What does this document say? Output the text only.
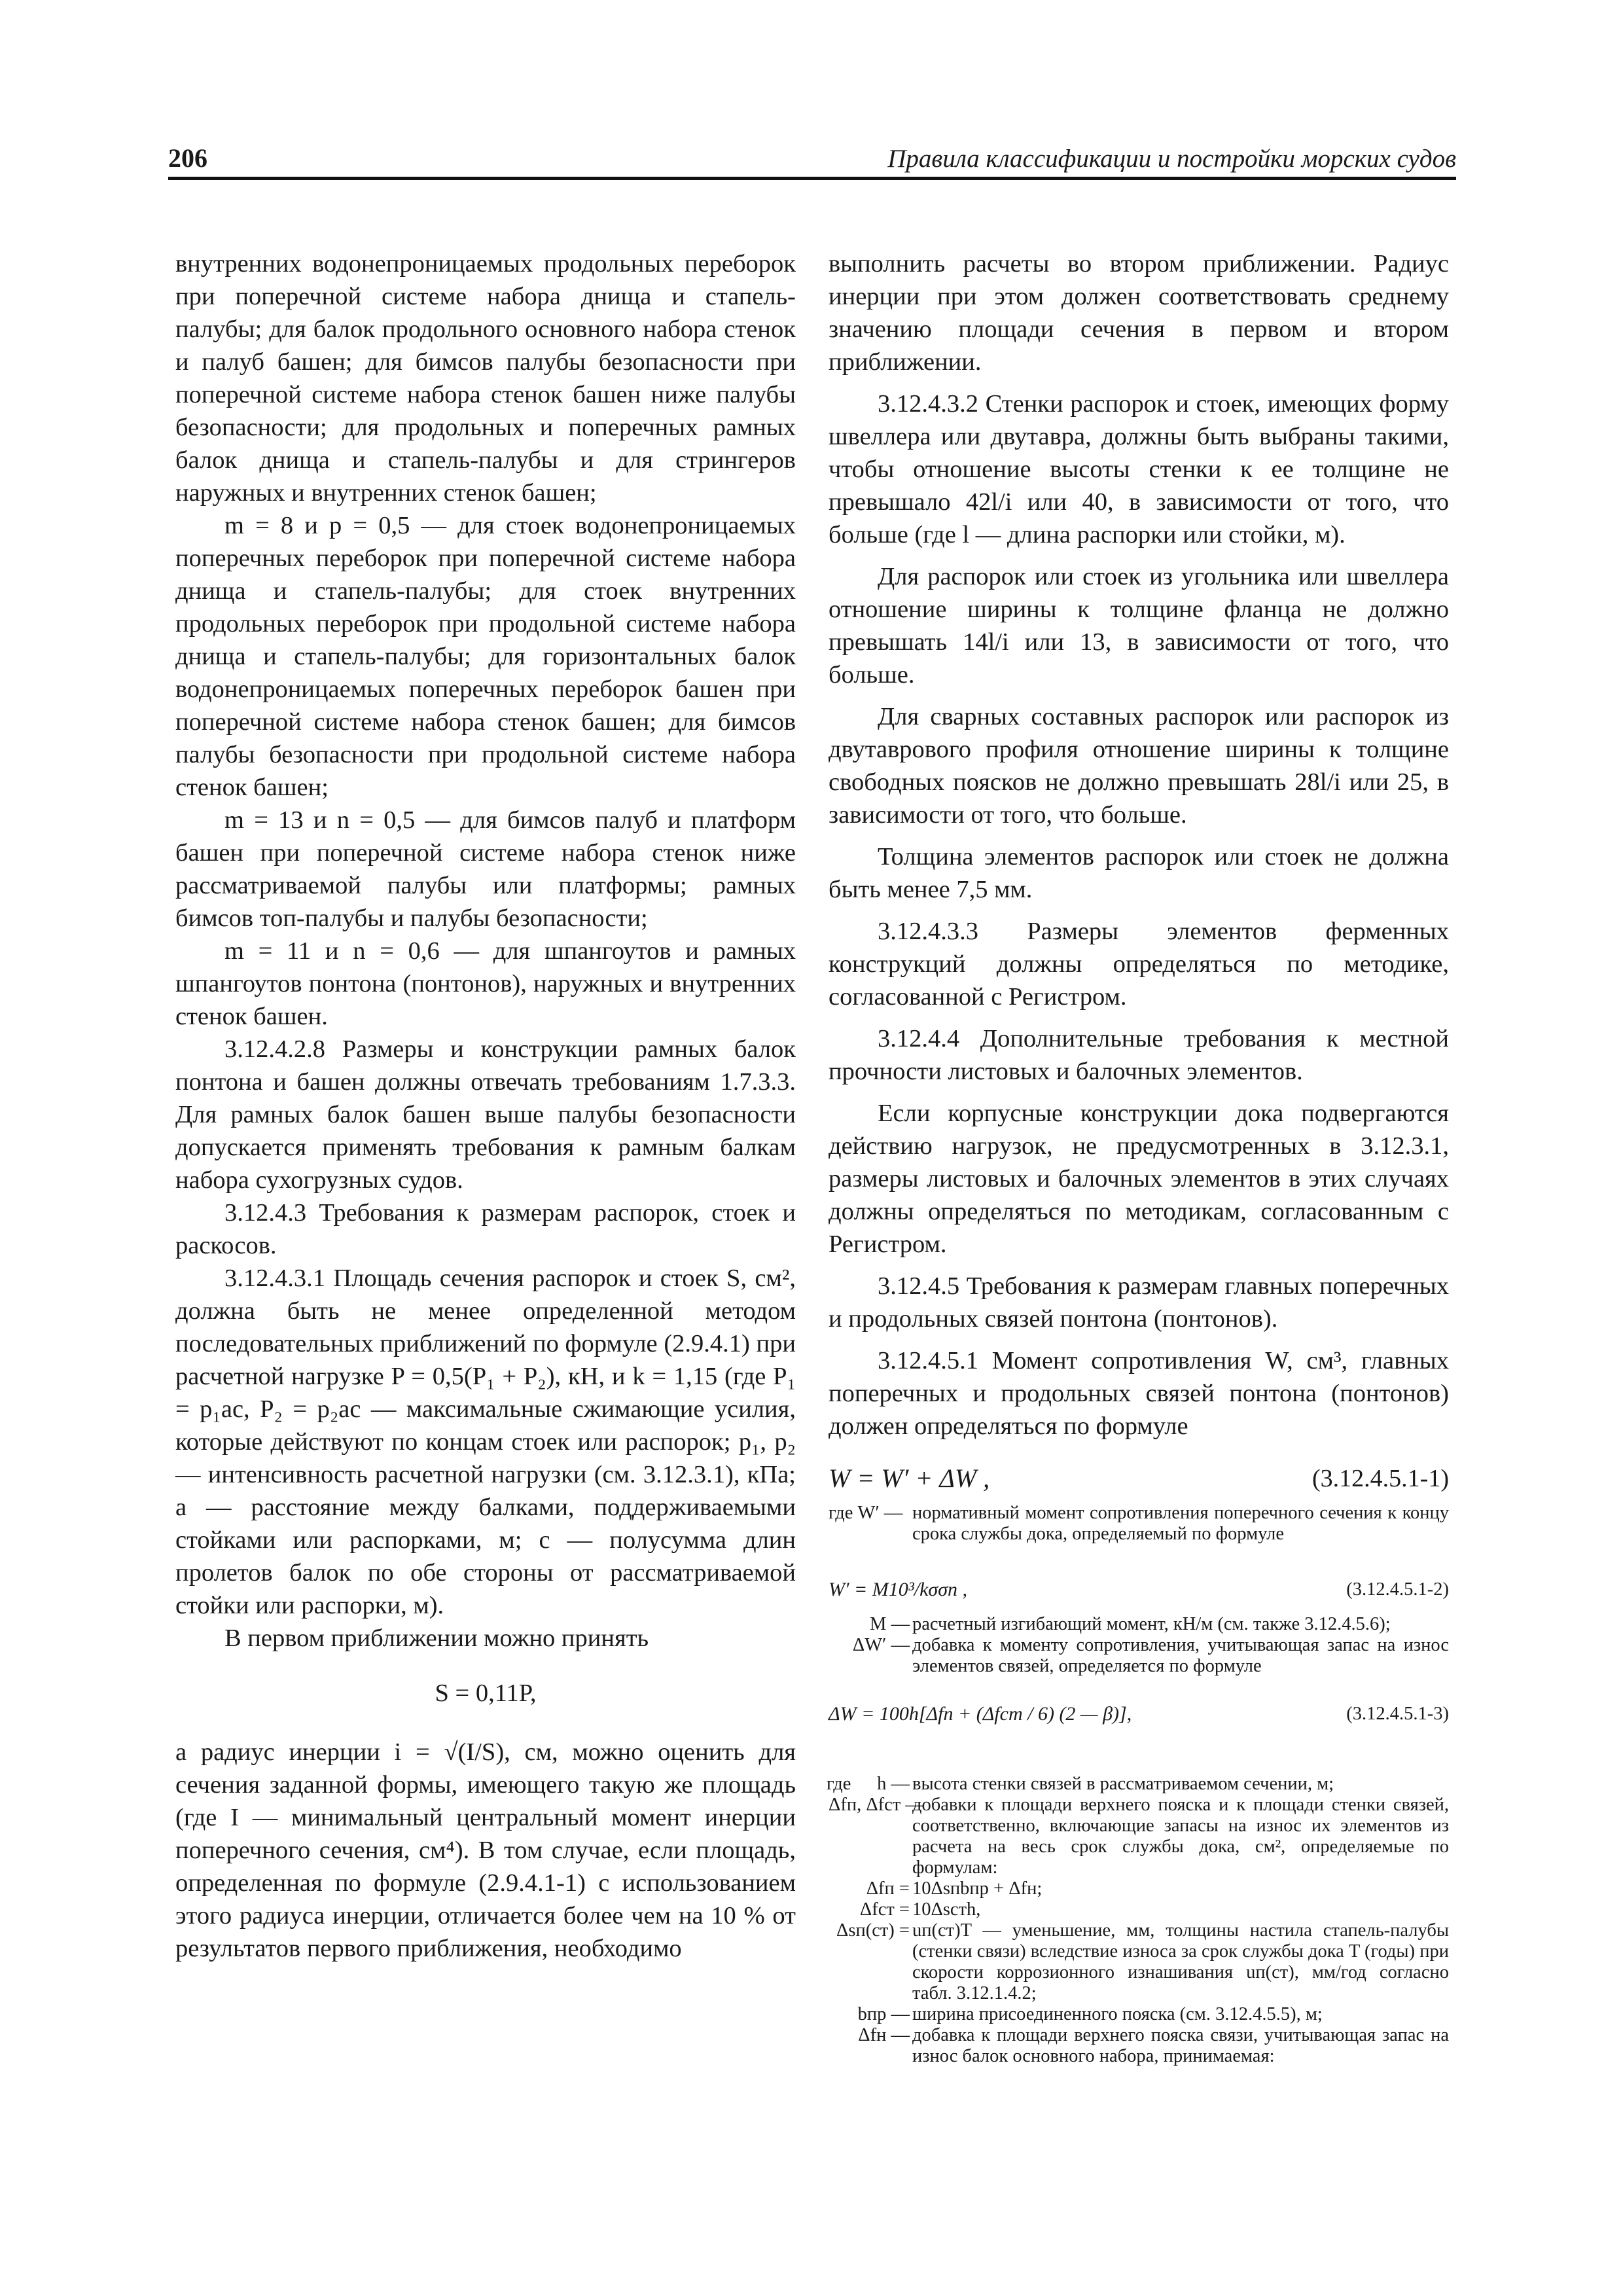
206	Правила классификации и постройки морских судов

внутренних водонепроницаемых продольных переборок при поперечной системе набора днища и стапель-палубы; для балок продольного основного набора стенок и палуб башен; для бимсов палубы безопасности при поперечной системе набора стенок башен ниже палубы безопасности; для продольных и поперечных рамных балок днища и стапель-палубы и для стрингеров наружных и внутренних стенок башен;

m = 8 и p = 0,5 — для стоек водонепроницаемых поперечных переборок при поперечной системе набора днища и стапель-палубы; для стоек внутренних продольных переборок при продольной системе набора днища и стапель-палубы; для горизонтальных балок водонепроницаемых поперечных переборок башен при поперечной системе набора стенок башен; для бимсов палубы безопасности при продольной системе набора стенок башен;

m = 13 и n = 0,5 — для бимсов палуб и платформ башен при поперечной системе набора стенок ниже рассматриваемой палубы или платформы; рамных бимсов топ-палубы и палубы безопасности;

m = 11 и n = 0,6 — для шпангоутов и рамных шпангоутов понтона (понтонов), наружных и внутренних стенок башен.

3.12.4.2.8 Размеры и конструкции рамных балок понтона и башен должны отвечать требованиям 1.7.3.3. Для рамных балок башен выше палубы безопасности допускается применять требования к рамным балкам набора сухогрузных судов.

3.12.4.3 Требования к размерам распорок, стоек и раскосов.

3.12.4.3.1 Площадь сечения распорок и стоек S, см², должна быть не менее определенной методом последовательных приближений по формуле (2.9.4.1) при расчетной нагрузке P = 0,5(P₁ + P₂), кН, и k = 1,15 (где P₁ = p₁ac, P₂ = p₂ac — максимальные сжимающие усилия, которые действуют по концам стоек или распорок; p₁, p₂ — интенсивность расчетной нагрузки (см. 3.12.3.1), кПа; a — расстояние между балками, поддерживаемыми стойками или распорками, м; c — полусумма длин пролетов балок по обе стороны от рассматриваемой стойки или распорки, м).

В первом приближении можно принять

S = 0,11P,

а радиус инерции i = √(I/S), см, можно оценить для сечения заданной формы, имеющего такую же площадь (где I — минимальный центральный момент инерции поперечного сечения, см⁴). В том случае, если площадь, определенная по формуле (2.9.4.1-1) с использованием этого радиуса инерции, отличается более чем на 10 % от результатов первого приближения, необходимо

выполнить расчеты во втором приближении. Радиус инерции при этом должен соответствовать среднему значению площади сечения в первом и втором приближении.

3.12.4.3.2 Стенки распорок и стоек, имеющих форму швеллера или двутавра, должны быть выбраны такими, чтобы отношение высоты стенки к ее толщине не превышало 42l/i или 40, в зависимости от того, что больше (где l — длина распорки или стойки, м).

Для распорок или стоек из угольника или швеллера отношение ширины к толщине фланца не должно превышать 14l/i или 13, в зависимости от того, что больше.

Для сварных составных распорок или распорок из двутаврового профиля отношение ширины к толщине свободных поясков не должно превышать 28l/i или 25, в зависимости от того, что больше.

Толщина элементов распорок или стоек не должна быть менее 7,5 мм.

3.12.4.3.3 Размеры элементов ферменных конструкций должны определяться по методике, согласованной с Регистром.

3.12.4.4 Дополнительные требования к местной прочности листовых и балочных элементов.

Если корпусные конструкции дока подвергаются действию нагрузок, не предусмотренных в 3.12.3.1, размеры листовых и балочных элементов в этих случаях должны определяться по методикам, согласованным с Регистром.

3.12.4.5 Требования к размерам главных поперечных и продольных связей понтона (понтонов).

3.12.4.5.1 Момент сопротивления W, см³, главных поперечных и продольных связей понтона (понтонов) должен определяться по формуле

W = W′ + ΔW ,	(3.12.4.5.1-1)
где W′ — нормативный момент сопротивления поперечного сечения к концу срока службы дока, определяемый по формуле
W′ = M10³/kσσn ,	(3.12.4.5.1-2)
M — расчетный изгибающий момент, кН/м (см. также 3.12.4.5.6);
ΔW′ — добавка к моменту сопротивления, учитывающая запас на износ элементов связей, определяется по формуле
ΔW = 100h[Δfп + (Δfст / 6) (2 — β)],	(3.12.4.5.1-3)
где	h — высота стенки связей в рассматриваемом сечении, м;
Δfп, Δfст —
добавки к площади верхнего пояска и к площади стенки связей, соответственно, включающие запасы на износ их элементов из расчета на весь срок службы дока, см², определяемые по формулам:
Δfп = 10Δsпbпр + Δfн;
Δfст = 10Δsстh,
Δsп(ст) = uп(ст)T — уменьшение, мм, толщины настила стапель-палубы (стенки связи) вследствие износа за срок службы дока T (годы) при скорости коррозионного изнашивания uп(ст), мм/год согласно табл. 3.12.1.4.2;
bпр — ширина присоединенного пояска (см. 3.12.4.5.5), м;
Δfн — добавка к площади верхнего пояска связи, учитывающая запас на износ балок основного набора, принимаемая:
